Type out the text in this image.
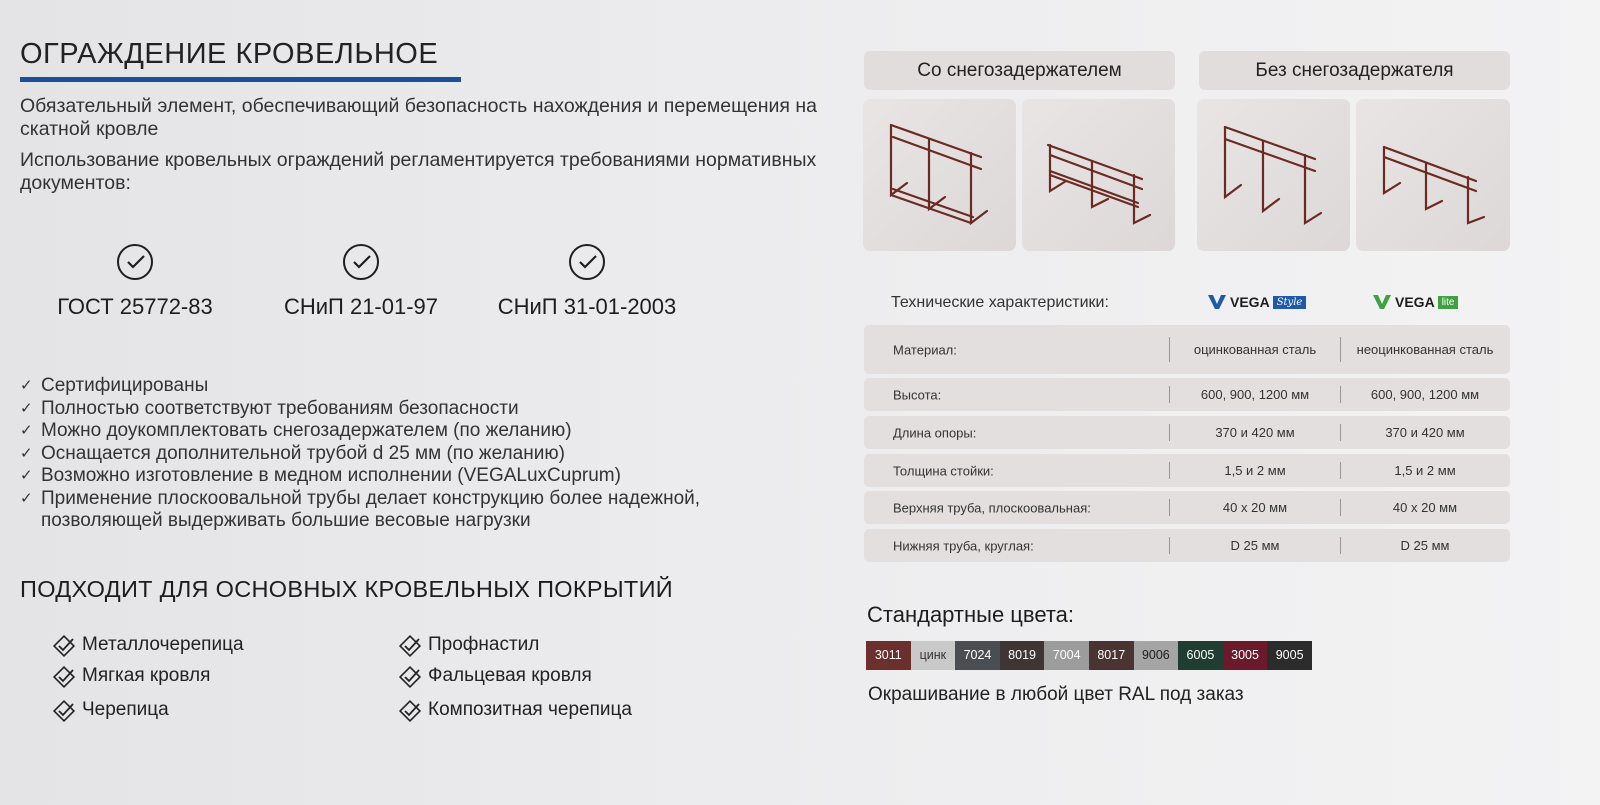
ОГРАЖДЕНИЕ КРОВЕЛЬНОЕ

Обязательный элемент, обеспечивающий безопасность нахождения и перемещения на скатной кровле

Использование кровельных ограждений регламентируется требованиями нормативных документов:

ГОСТ 25772-83	СНиП 21-01-97	СНиП 31-01-2003
✓ Сертифицированы
✓ Полностью соответствуют требованиям безопасности
✓ Можно доукомплектовать снегозадержателем (по желанию)
✓ Оснащается дополнительной трубой d 25 мм (по желанию)
✓ Возможно изготовление в медном исполнении (VEGALuxCuprum)
✓ Применение плоскоовальной трубы делает конструкцию более надежной, позволяющей выдерживать большие весовые нагрузки
ПОДХОДИТ ДЛЯ ОСНОВНЫХ КРОВЕЛЬНЫХ ПОКРЫТИЙ
Металлочерепица
Мягкая кровля
Черепица
Профнастил
Фальцевая кровля
Композитная черепица
Со снегозадержателем	Без снегозадержателя
Технические характеристики:	VEGA Style	VEGA lite
Материал:	оцинкованная сталь	неоцинкованная сталь
Высота:	600, 900, 1200 мм	600, 900, 1200 мм
Длина опоры:	370 и 420 мм	370 и 420 мм
Толщина стойки:	1,5 и 2 мм	1,5 и 2 мм
Верхняя труба, плоскоовальная:	40 х 20 мм	40 х 20 мм
Нижняя труба, круглая:	D 25 мм	D 25 мм
Стандартные цвета:
3011	цинк	7024	8019	7004	8017	9006	6005	3005	9005
Окрашивание в любой цвет RAL под заказ
